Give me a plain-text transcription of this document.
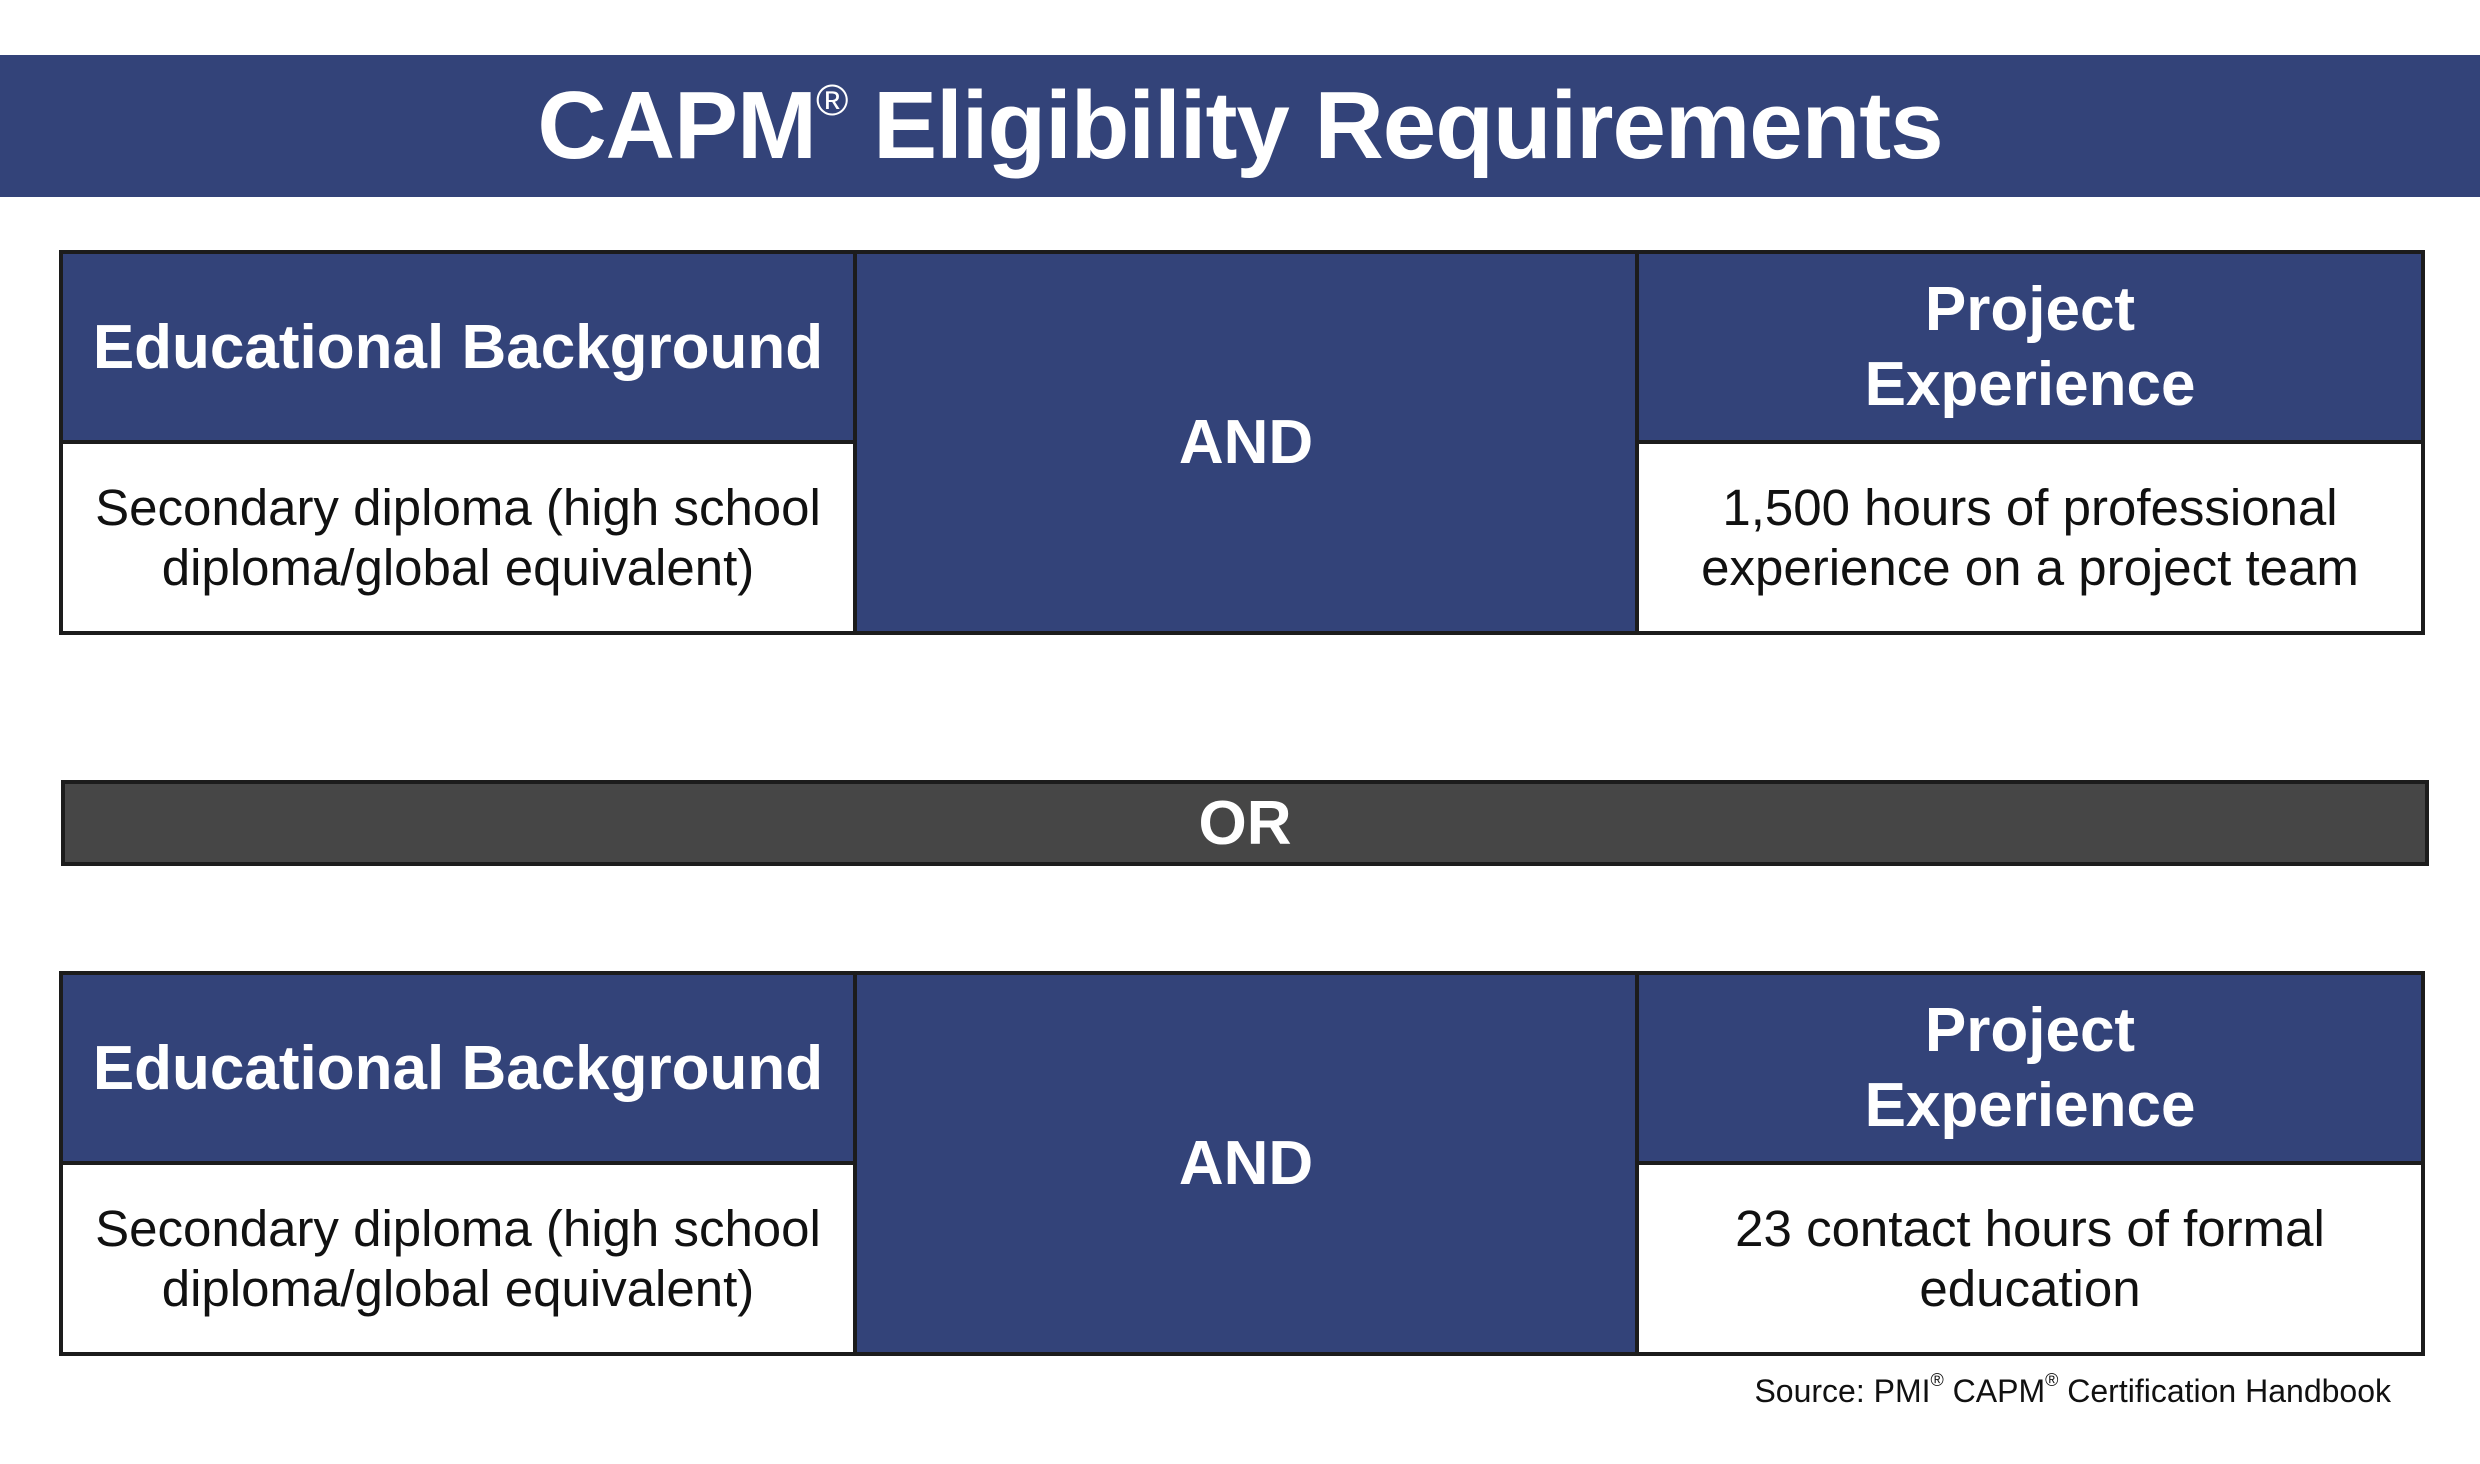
CAPM® Eligibility Requirements
Educational Background
Secondary diploma (high school diploma/global equivalent)
AND
Project Experience
1,500 hours of professional experience on a project team
OR
Educational Background
Secondary diploma (high school diploma/global equivalent)
AND
Project Experience
23 contact hours of formal education
Source: PMI® CAPM® Certification Handbook
